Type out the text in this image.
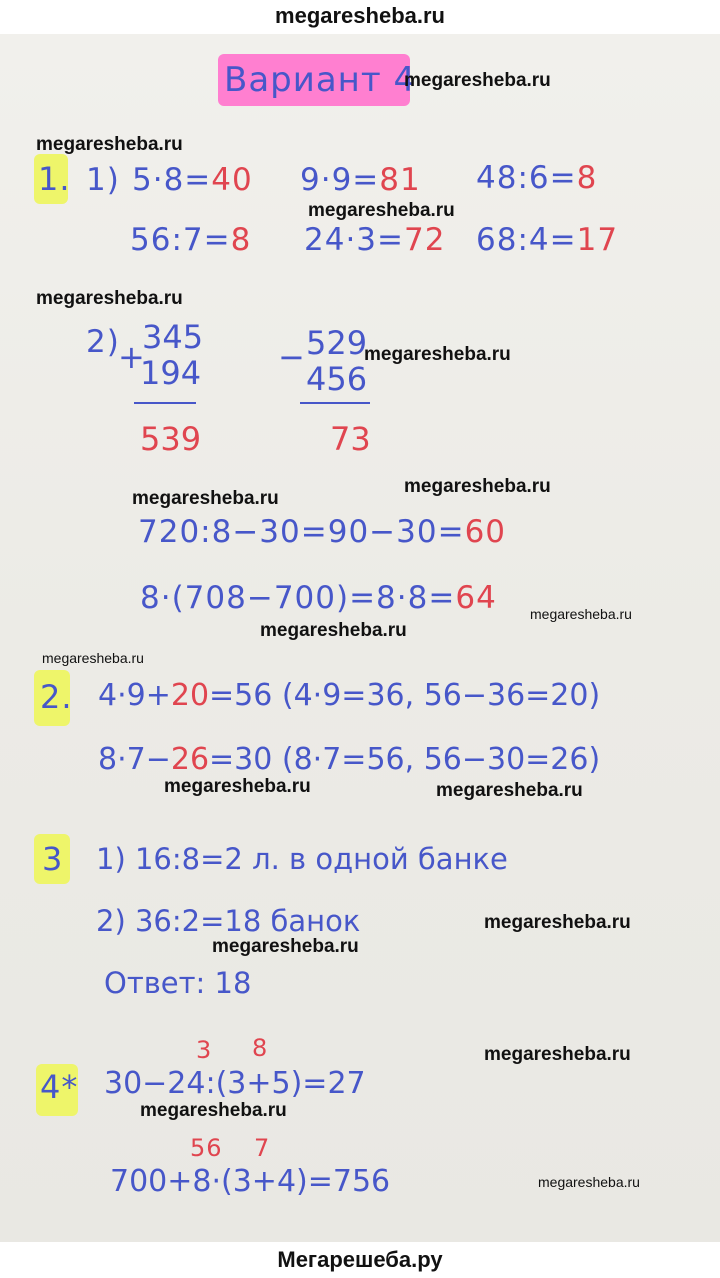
megaresheba.ru
Вариант 4
1. 1) 5·8=40 9·9=81 48:6=8
56:7=8 24·3=72 68:4=17
2)
+
345
194
539
− 529
456
73
720:8−30=90−30=60
8·(708−700)=8·8=64
2. 4·9+20=56 (4·9=36, 56−36=20)
8·7−26=30 (8·7=56, 56−30=26)
3 1) 16:8=2 л. в одной банке
2) 36:2=18 банок
Ответ: 18
4*
3 8
30−24:(3+5)=27
56 7
700+8·(3+4)=756
megaresheba.ru
megaresheba.ru
megaresheba.ru
megaresheba.ru
megaresheba.ru
megaresheba.ru
megaresheba.ru
megaresheba.ru
megaresheba.ru
megaresheba.ru
megaresheba.ru	megaresheba.ru
megaresheba.ru
megaresheba.ru
megaresheba.ru
megaresheba.ru
megaresheba.ru
Мегарешеба.ру
